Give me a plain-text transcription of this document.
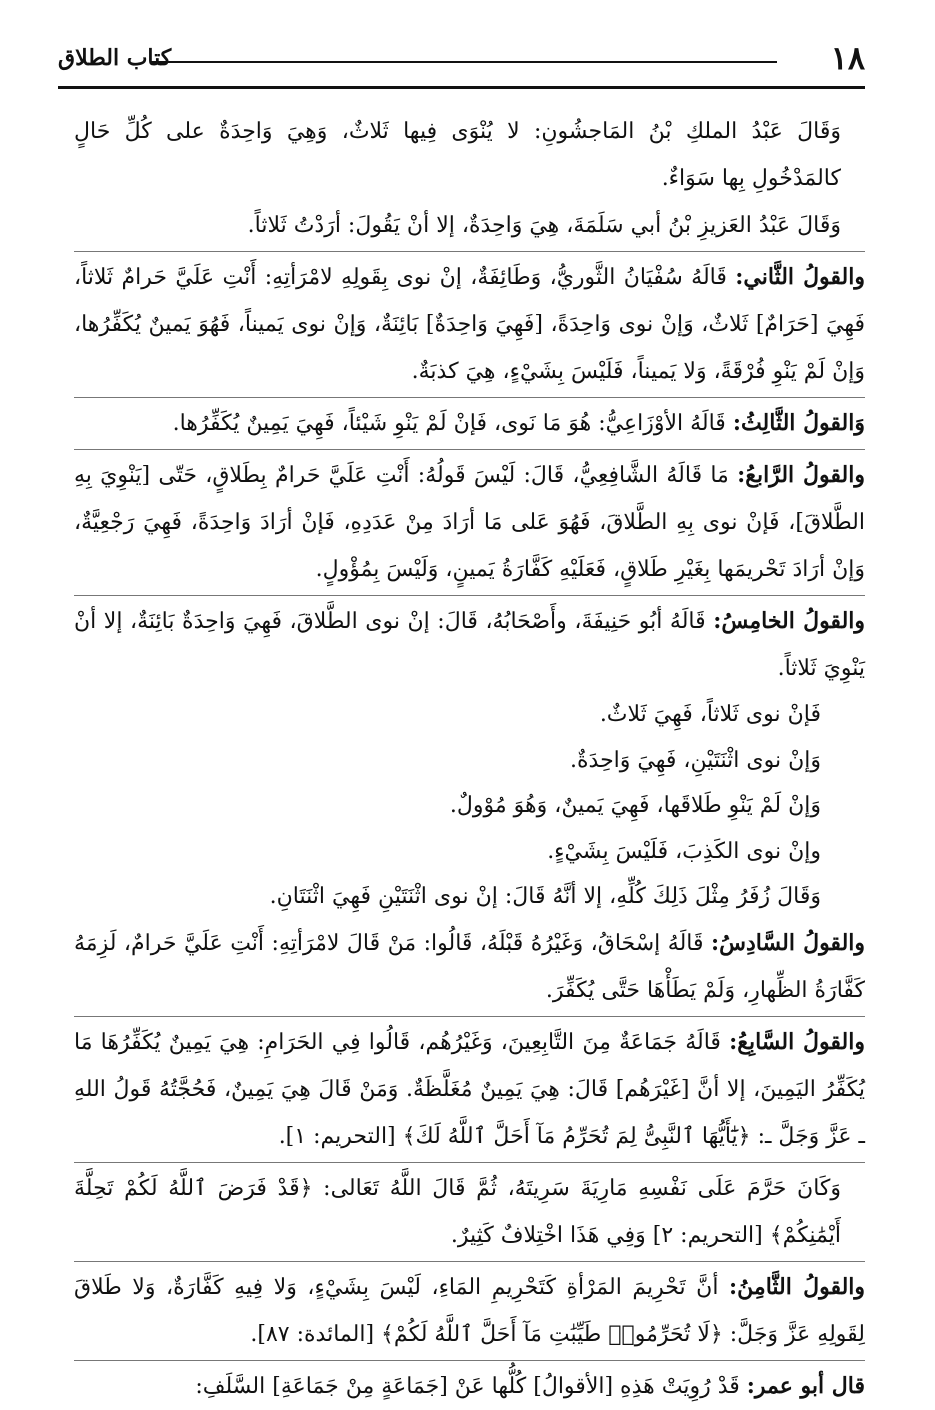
١٨
كتاب الطلاق

وَقَالَ عَبْدُ الملكِ بْنُ المَاجشُونِ: لا يُنْوَى فِيها ثَلاثٌ، وَهِيَ وَاحِدَةٌ على كُلِّ حَالٍ كالمَدْخُولِ بِها سَوَاءٌ.

وَقَالَ عَبْدُ العَزيزِ بْنُ أبي سَلَمَةَ، هِيَ وَاحِدَةٌ، إلا أنْ يَقُولَ: أرَدْتُ ثَلاثاً.

والقولُ الثَّاني: قَالَهُ سُفْيَانُ الثَّوريُّ، وَطَائِفَةٌ، إنْ نوى بِقَولِهِ لامْرَأتِهِ: أَنْتِ عَلَيَّ حَرامٌ ثَلاثاً، فَهِيَ [حَرَامٌ] ثَلاثٌ، وَإنْ نوى وَاحِدَةً، [فَهِيَ وَاحِدَةٌ] بَائِنَةٌ، وَإنْ نوى يَميناً، فَهُوَ يَمينٌ يُكَفِّرُها، وَإنْ لَمْ يَنْوِ فُرْقَةً، وَلا يَميناً، فَلَيْسَ بِشَيْءٍ، هِيَ كذبَةٌ.

وَالقولُ الثَّالِثُ: قَالَهُ الأوْزَاعِيُّ: هُوَ مَا نَوى، فَإنْ لَمْ يَنْوِ شَيْئاً، فَهِيَ يَمِينٌ يُكَفِّرُها.

والقولُ الرَّابعُ: مَا قَالَهُ الشَّافِعِيُّ، قَالَ: لَيْسَ قَولُهُ: أَنْتِ عَلَيَّ حَرامٌ بِطَلاقٍ، حَتّى [يَنْوِيَ بِهِ الطَّلاقَ]، فَإنْ نوى بِهِ الطَّلاقَ، فَهُوَ عَلى مَا أرَادَ مِنْ عَدَدِهِ، فَإنْ أرَادَ وَاحِدَةً، فَهِيَ رَجْعِيَّةٌ، وَإنْ أرَادَ تَحْريمَها بِغَيْرِ طَلاقٍ، فَعَلَيْهِ كَفَّارَةُ يَمينٍ، وَلَيْسَ بِمُؤْولٍ.

والقولُ الخامِسُ: قَالَهُ أبُو حَنِيفَةَ، وأَصْحَابُهُ، قَالَ: إنْ نوى الطَّلاقَ، فَهِيَ وَاحِدَةٌ بَائِنَةٌ، إلا أنْ يَنْوِيَ ثَلاثاً.

فَإنْ نوى ثَلاثاً، فَهِيَ ثَلاثٌ.

وَإنْ نوى اثْنَتَيْنِ، فَهِيَ وَاحِدَةٌ.

وَإنْ لَمْ يَنْوِ طَلاقَها، فَهِيَ يَمينٌ، وَهُوَ مُوْولٌ.

وإنْ نوى الكَذِبَ، فَلَيْسَ بِشَيْءٍ.

وَقَالَ زُفَرُ مِثْلَ ذَلِكَ كُلِّهِ، إلا أنَّهُ قَالَ: إنْ نوى اثْنَتَيْنِ فَهِيَ اثْنَتَانِ.

والقولُ السَّادِسُ: قَالَهُ إسْحَاقُ، وَغَيْرُهُ قَبْلَهُ، قَالُوا: مَنْ قَالَ لامْرَأتِهِ: أَنْتِ عَلَيَّ حَرامٌ، لَزِمَهُ كَفَّارَةُ الظِّهارِ، وَلَمْ يَطَأْهَا حَتَّى يُكَفِّرَ.

والقولُ السَّابِعُ: قَالَهُ جَمَاعَةٌ مِنَ التَّابِعِينَ، وَغَيْرُهُم، قَالُوا فِي الحَرَامِ: هِيَ يَمِينٌ يُكَفِّرُهَا مَا يُكَفِّرُ اليَمِينَ، إلا أنَّ [غَيْرَهُم] قَالَ: هِيَ يَمِينٌ مُغَلَّظَةٌ. وَمَنْ قَالَ هِيَ يَمِينٌ، فَحُجَّتُهُ قَولُ اللهِ ـ عَزَّ وَجَلَّ ـ: ﴿يَٰٓأَيُّهَا ٱلنَّبِىُّ لِمَ تُحَرِّمُ مَآ أَحَلَّ ٱللَّهُ لَكَ﴾ [التحريم: ١].

وَكَانَ حَرَّمَ عَلَى نَفْسِهِ مَارِيَةَ سَرِيتَهُ، ثُمَّ قَالَ اللَّهُ تَعَالى: ﴿قَدْ فَرَضَ ٱللَّهُ لَكُمْ تَحِلَّةَ أَيْمَٰنِكُمْ﴾ [التحريم: ٢] وَفِي هَذَا اخْتِلافٌ كَثِيرٌ.

والقولُ الثَّامِنُ: أنَّ تَحْرِيمَ المَرْأةِ كَتَحْرِيمِ المَاءِ، لَيْسَ بِشَيْءٍ، وَلا فِيهِ كَفَّارَةٌ، وَلا طَلاقَ لِقَولِهِ عَزَّ وَجَلَّ: ﴿لَا تُحَرِّمُوا۟ طَيِّبَٰتِ مَآ أَحَلَّ ٱللَّهُ لَكُمْ﴾ [المائدة: ٨٧].

قال أبو عمر: قَدْ رُوِيَتْ هَذِهِ [الأقوالُ] كُلُّها عَنْ [جَمَاعَةٍ مِنْ جَمَاعَةِ] السَّلَفِ:
